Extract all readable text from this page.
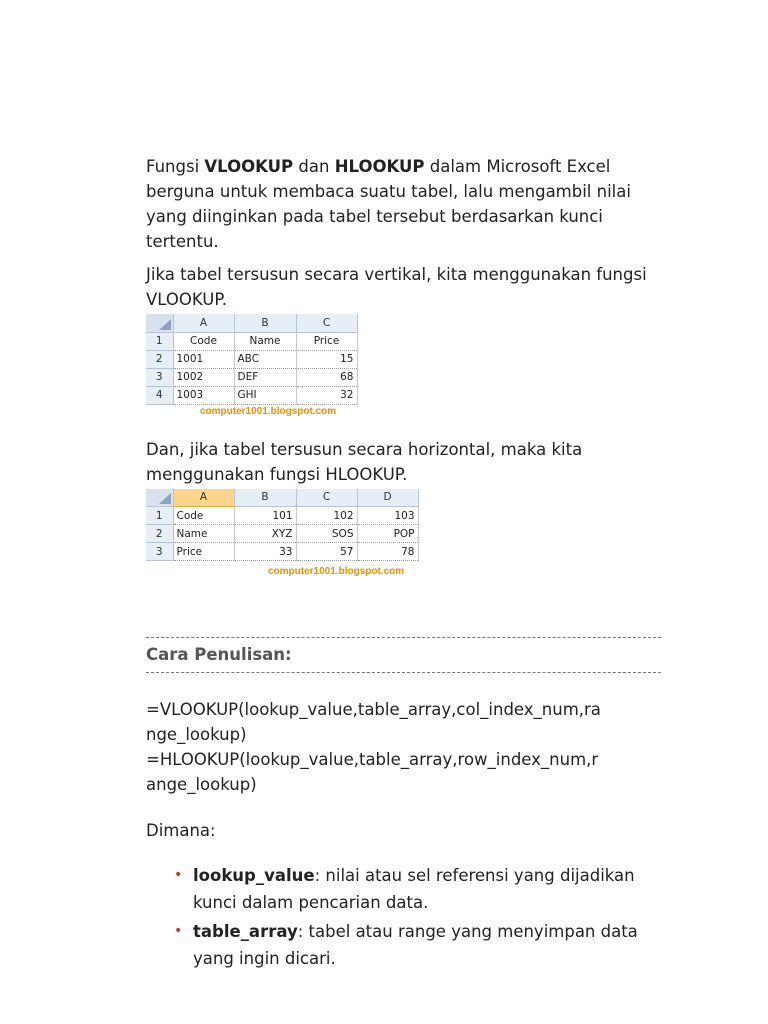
Fungsi VLOOKUP dan HLOOKUP dalam Microsoft Excel berguna untuk membaca suatu tabel, lalu mengambil nilai yang diinginkan pada tabel tersebut berdasarkan kunci tertentu.

Jika tabel tersusun secara vertikal, kita menggunakan fungsi VLOOKUP.

	A	B	C
1	Code	Name	Price
2	1001	ABC	15
3	1002	DEF	68
4	1003	GHI	32
computer1001.blogspot.com

Dan, jika tabel tersusun secara horizontal, maka kita menggunakan fungsi HLOOKUP.

	A	B	C	D
1	Code	101	102	103
2	Name	XYZ	SOS	POP
3	Price	33	57	78
computer1001.blogspot.com
Cara Penulisan:

=VLOOKUP(lookup_value,table_array,col_index_num,ra
nge_lookup)
=HLOOKUP(lookup_value,table_array,row_index_num,r
ange_lookup)

Dimana:

• lookup_value: nilai atau sel referensi yang dijadikan kunci dalam pencarian data.
• table_array: tabel atau range yang menyimpan data yang ingin dicari.
